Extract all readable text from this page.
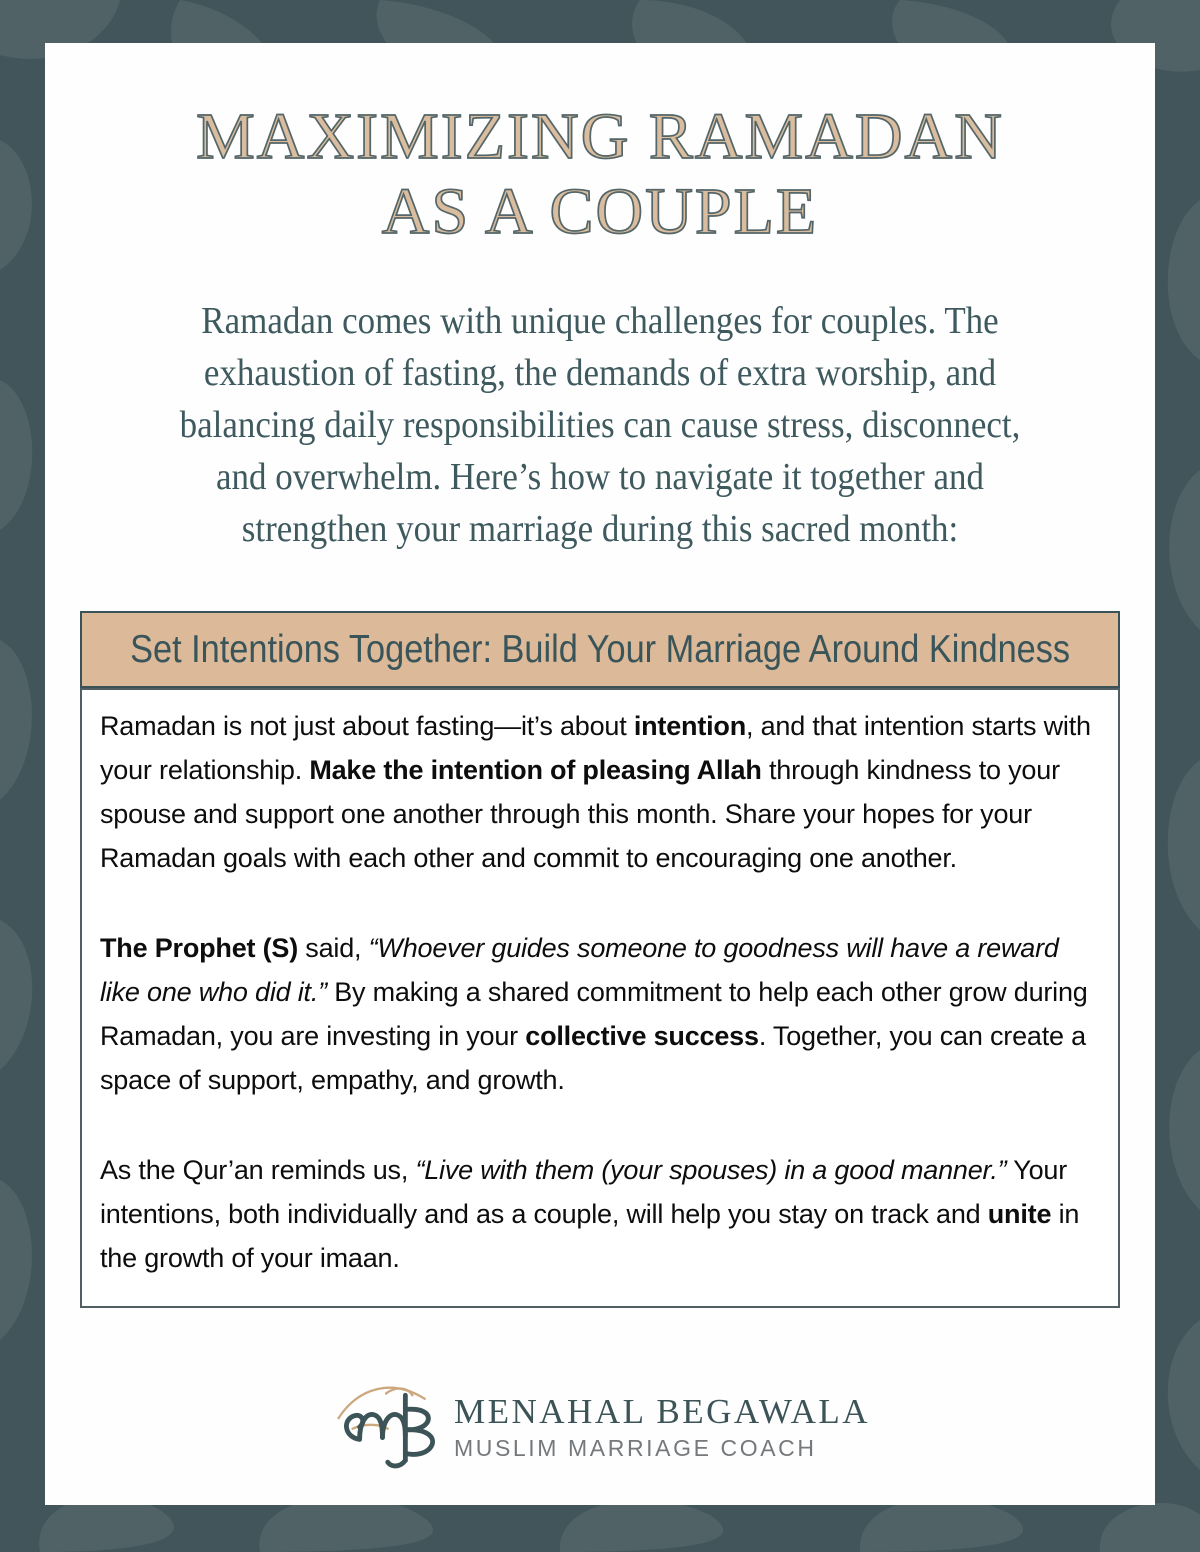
MAXIMIZING RAMADAN
AS A COUPLE
Ramadan comes with unique challenges for couples. The
exhaustion of fasting, the demands of extra worship, and
balancing daily responsibilities can cause stress, disconnect,
and overwhelm. Here’s how to navigate it together and
strengthen your marriage during this sacred month:
Set Intentions Together: Build Your Marriage Around Kindness

Ramadan is not just about fasting—it’s about intention, and that intention starts with your relationship. Make the intention of pleasing Allah through kindness to your spouse and support one another through this month. Share your hopes for your Ramadan goals with each other and commit to encouraging one another.

The Prophet (S) said, “Whoever guides someone to goodness will have a reward like one who did it.” By making a shared commitment to help each other grow during Ramadan, you are investing in your collective success. Together, you can create a space of support, empathy, and growth.

As the Qur’an reminds us, “Live with them (your spouses) in a good manner.” Your intentions, both individually and as a couple, will help you stay on track and unite in the growth of your imaan.

MENAHAL BEGAWALA
MUSLIM MARRIAGE COACH
